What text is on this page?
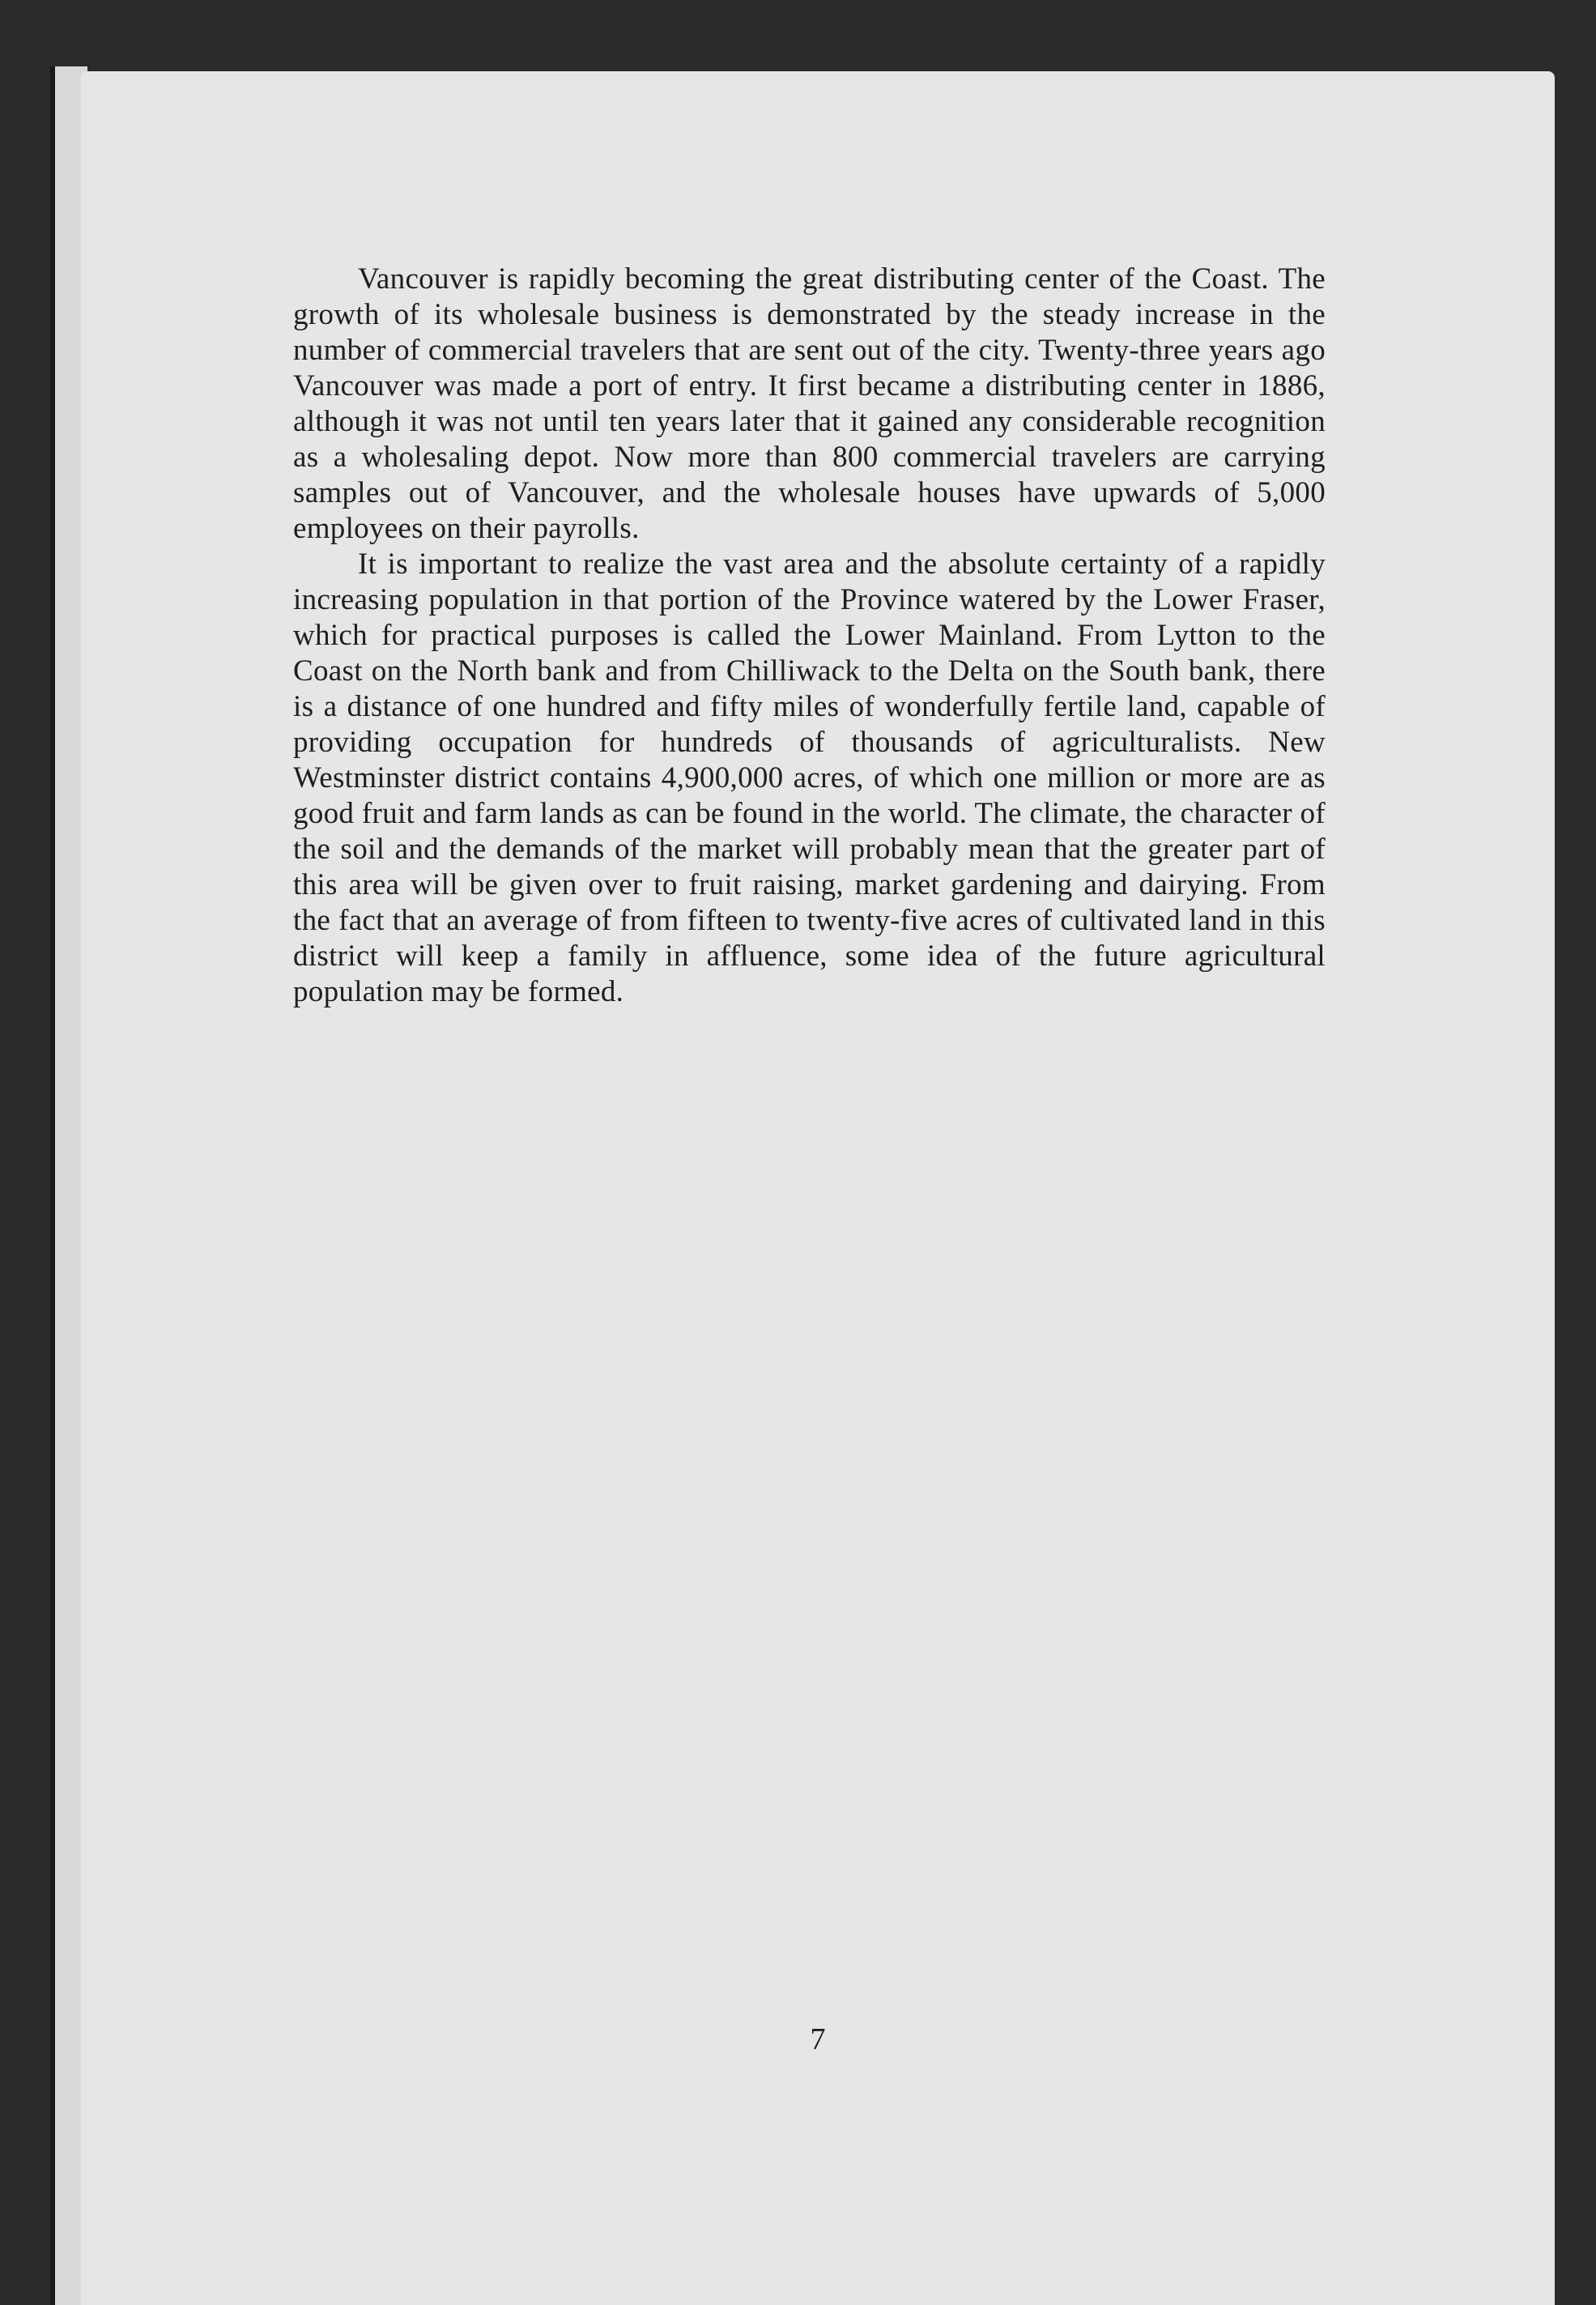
Vancouver is rapidly becoming the great distributing center of the Coast. The growth of its wholesale business is demonstrated by the steady increase in the number of commercial travelers that are sent out of the city. Twenty-three years ago Vancouver was made a port of entry. It first became a distributing center in 1886, although it was not until ten years later that it gained any considerable recognition as a wholesaling depot. Now more than 800 commercial travelers are carrying samples out of Vancouver, and the wholesale houses have upwards of 5,000 employees on their payrolls.

It is important to realize the vast area and the absolute certainty of a rapidly increasing population in that portion of the Province watered by the Lower Fraser, which for practical purposes is called the Lower Mainland. From Lytton to the Coast on the North bank and from Chilliwack to the Delta on the South bank, there is a distance of one hundred and fifty miles of wonderfully fertile land, capable of providing occupation for hundreds of thousands of agriculturalists. New Westminster district contains 4,900,000 acres, of which one million or more are as good fruit and farm lands as can be found in the world. The climate, the character of the soil and the demands of the market will probably mean that the greater part of this area will be given over to fruit raising, market gardening and dairying. From the fact that an average of from fifteen to twenty-five acres of cultivated land in this district will keep a family in affluence, some idea of the future agricultural population may be formed.

7
